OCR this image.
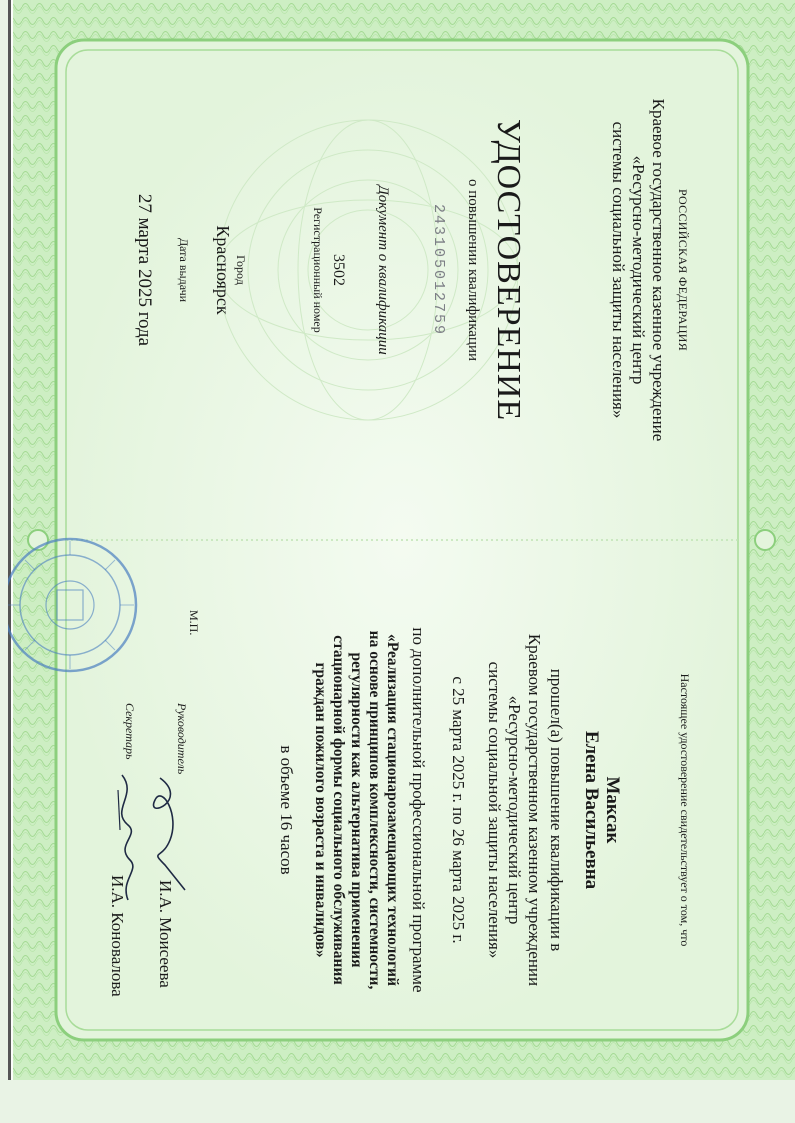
РОССИЙСКАЯ ФЕДЕРАЦИЯ
Краевое государственное казенное учреждение
«Ресурсно-методический центр
системы социальной защиты населения»
УДОСТОВЕРЕНИЕ
о повышении квалификации
243105012759
Документ о квалификации
3502
Регистрационный номер
Город
Красноярск
Дата выдачи
27 марта 2025 года
Настоящее удостоверение свидетельствует о том, что
Максак
Елена Васильевна
прошел(а) повышение квалификации в
Краевом государственном казенном учреждении
«Ресурсно-методический центр
системы социальной защиты населения»
с 25 марта 2025 г. по 26 марта 2025 г.
по дополнительной профессиональной программе
«Реализация стационарозамещающих технологий
на основе принципов комплексности, системности,
регулярности как альтернатива применения
стационарной формы социального обслуживания
граждан пожилого возраста и инвалидов»
в объеме 16 часов
Руководитель
И.А. Моисеева
Секретарь
И.А. Коновалова
М.П.
